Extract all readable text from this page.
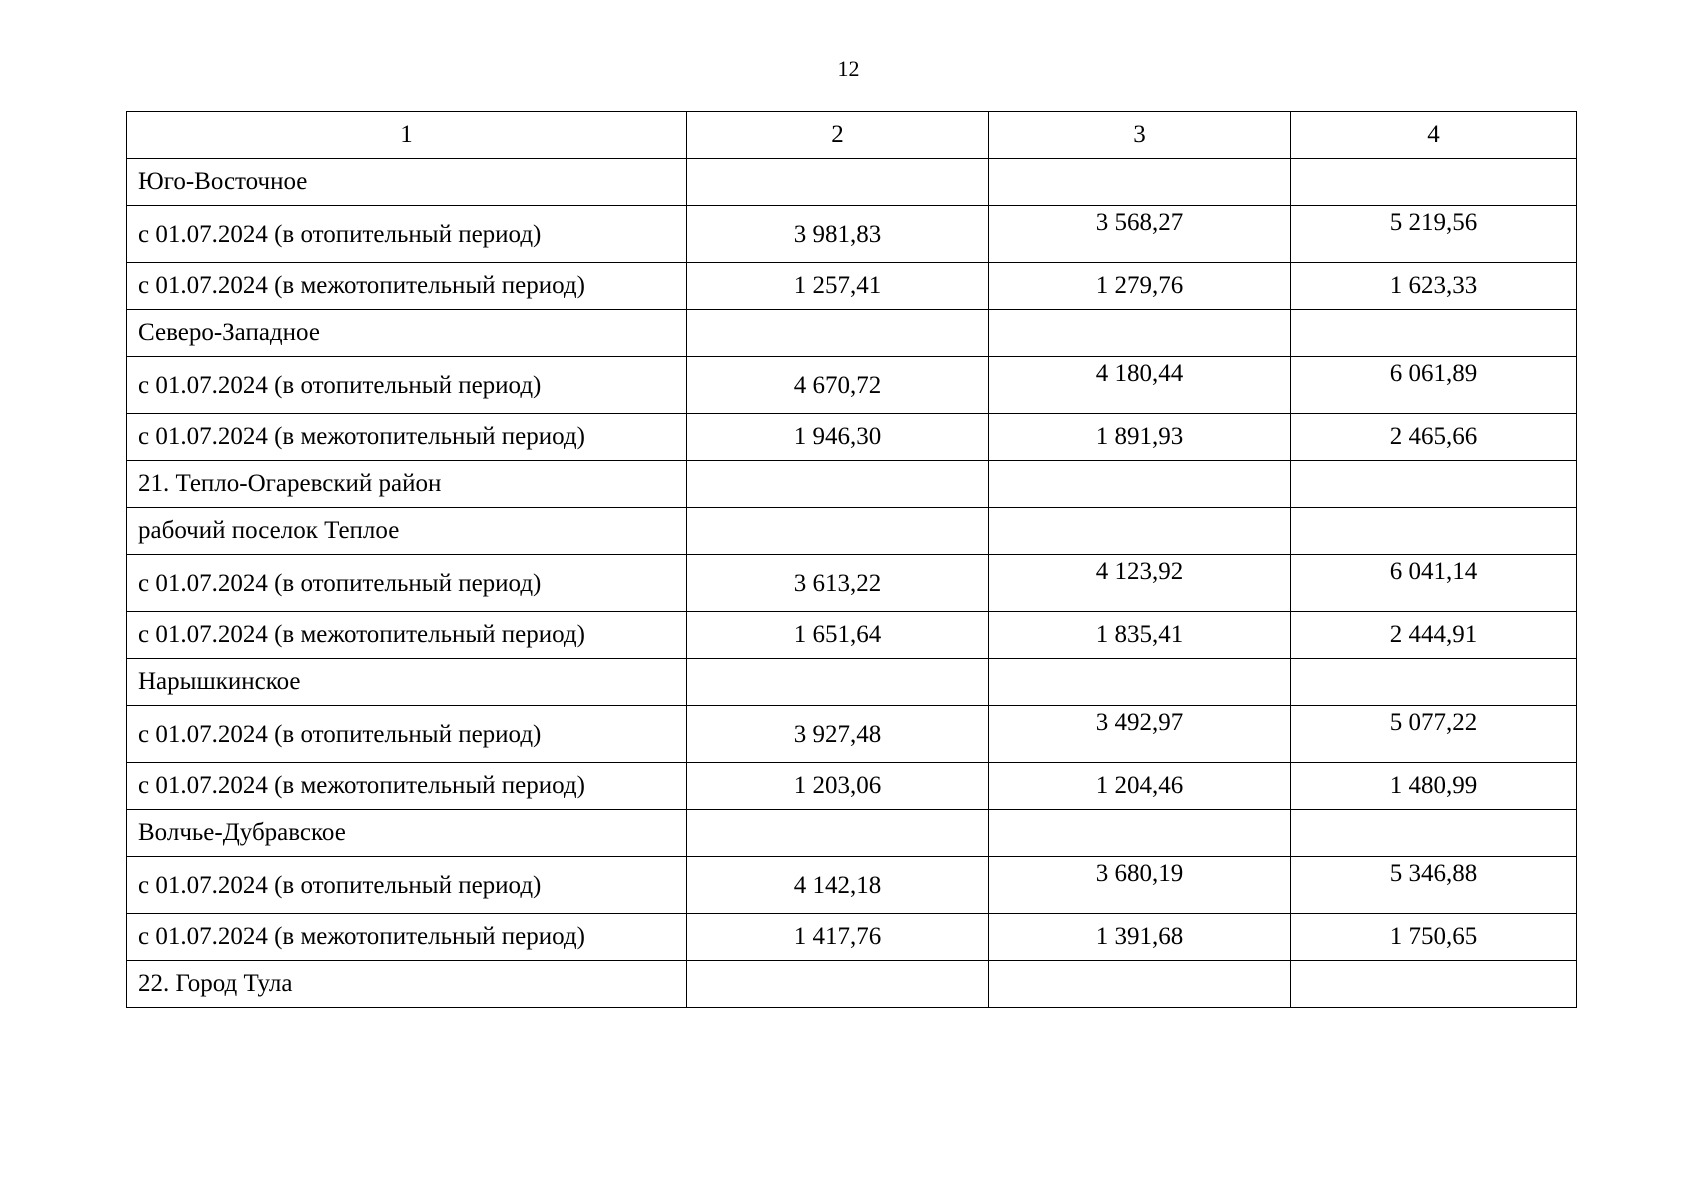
12
1	2	3	4
Юго-Восточное			
с 01.07.2024 (в отопительный период)	3 981,83	3 568,27	5 219,56
с 01.07.2024 (в межотопительный период)	1 257,41	1 279,76	1 623,33
Северо-Западное			
с 01.07.2024 (в отопительный период)	4 670,72	4 180,44	6 061,89
с 01.07.2024 (в межотопительный период)	1 946,30	1 891,93	2 465,66
21. Тепло-Огаревский район			
рабочий поселок Теплое			
с 01.07.2024 (в отопительный период)	3 613,22	4 123,92	6 041,14
с 01.07.2024 (в межотопительный период)	1 651,64	1 835,41	2 444,91
Нарышкинское			
с 01.07.2024 (в отопительный период)	3 927,48	3 492,97	5 077,22
с 01.07.2024 (в межотопительный период)	1 203,06	1 204,46	1 480,99
Волчье-Дубравское			
с 01.07.2024 (в отопительный период)	4 142,18	3 680,19	5 346,88
с 01.07.2024 (в межотопительный период)	1 417,76	1 391,68	1 750,65
22. Город Тула			
